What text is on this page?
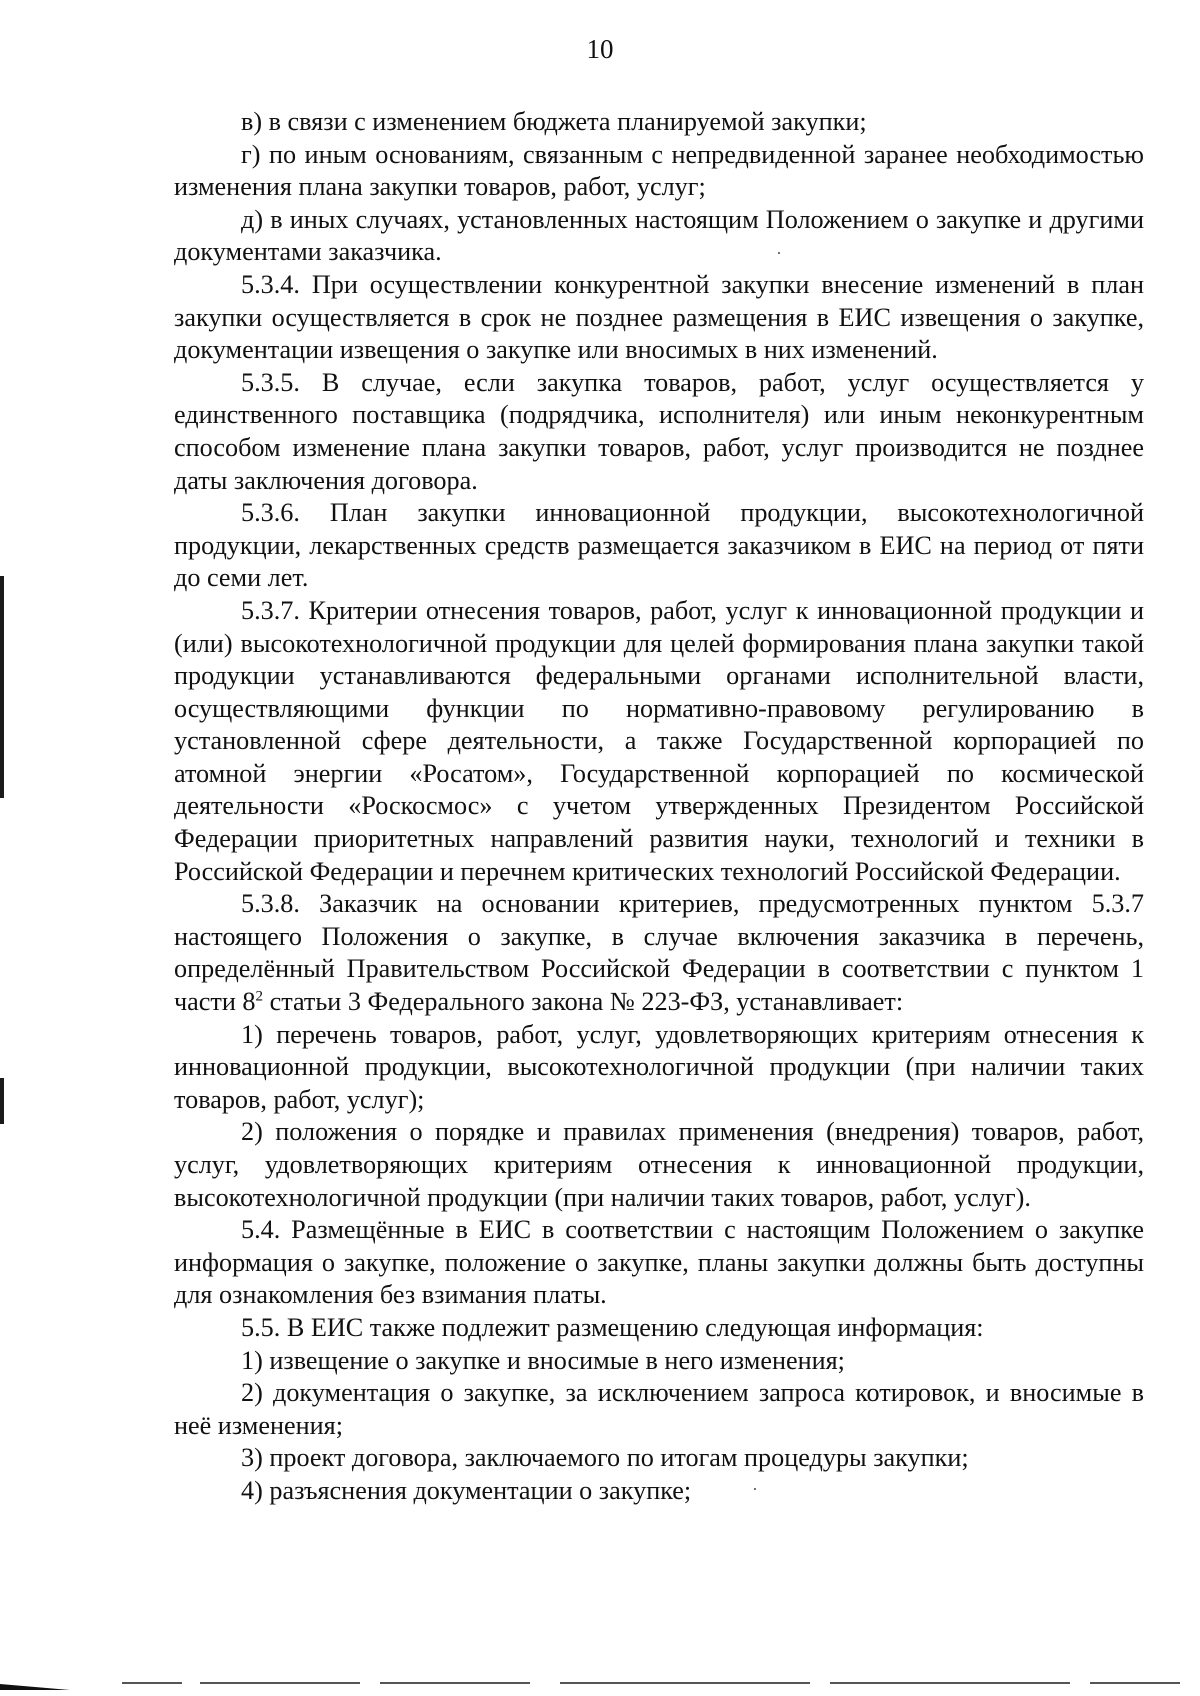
10

в) в связи с изменением бюджета планируемой закупки;

г) по иным основаниям, связанным с непредвиденной заранее необходимостью изменения плана закупки товаров, работ, услуг;

д) в иных случаях, установленных настоящим Положением о закупке и другими документами заказчика.

5.3.4. При осуществлении конкурентной закупки внесение изменений в план закупки осуществляется в срок не позднее размещения в ЕИС извещения о закупке, документации извещения о закупке или вносимых в них изменений.

5.3.5. В случае, если закупка товаров, работ, услуг осуществляется у единственного поставщика (подрядчика, исполнителя) или иным неконкурентным способом изменение плана закупки товаров, работ, услуг производится не позднее даты заключения договора.

5.3.6. План закупки инновационной продукции, высокотехнологичной продукции, лекарственных средств размещается заказчиком в ЕИС на период от пяти до семи лет.

5.3.7. Критерии отнесения товаров, работ, услуг к инновационной продукции и (или) высокотехнологичной продукции для целей формирования плана закупки такой продукции устанавливаются федеральными органами исполнительной власти, осуществляющими функции по нормативно-правовому регулированию в установленной сфере деятельности, а также Государственной корпорацией по атомной энергии «Росатом», Государственной корпорацией по космической деятельности «Роскосмос» с учетом утвержденных Президентом Российской Федерации приоритетных направлений развития науки, технологий и техники в Российской Федерации и перечнем критических технологий Российской Федерации.

5.3.8. Заказчик на основании критериев, предусмотренных пунктом 5.3.7 настоящего Положения о закупке, в случае включения заказчика в перечень, определённый Правительством Российской Федерации в соответствии с пунктом 1 части $8^2$ статьи 3 Федерального закона № 223-ФЗ, устанавливает:

1) перечень товаров, работ, услуг, удовлетворяющих критериям отнесения к инновационной продукции, высокотехнологичной продукции (при наличии таких товаров, работ, услуг);

2) положения о порядке и правилах применения (внедрения) товаров, работ, услуг, удовлетворяющих критериям отнесения к инновационной продукции, высокотехнологичной продукции (при наличии таких товаров, работ, услуг).

5.4. Размещённые в ЕИС в соответствии с настоящим Положением о закупке информация о закупке, положение о закупке, планы закупки должны быть доступны для ознакомления без взимания платы.

5.5. В ЕИС также подлежит размещению следующая информация:

1) извещение о закупке и вносимые в него изменения;

2) документация о закупке, за исключением запроса котировок, и вносимые в неё изменения;

3) проект договора, заключаемого по итогам процедуры закупки;

4) разъяснения документации о закупке;
